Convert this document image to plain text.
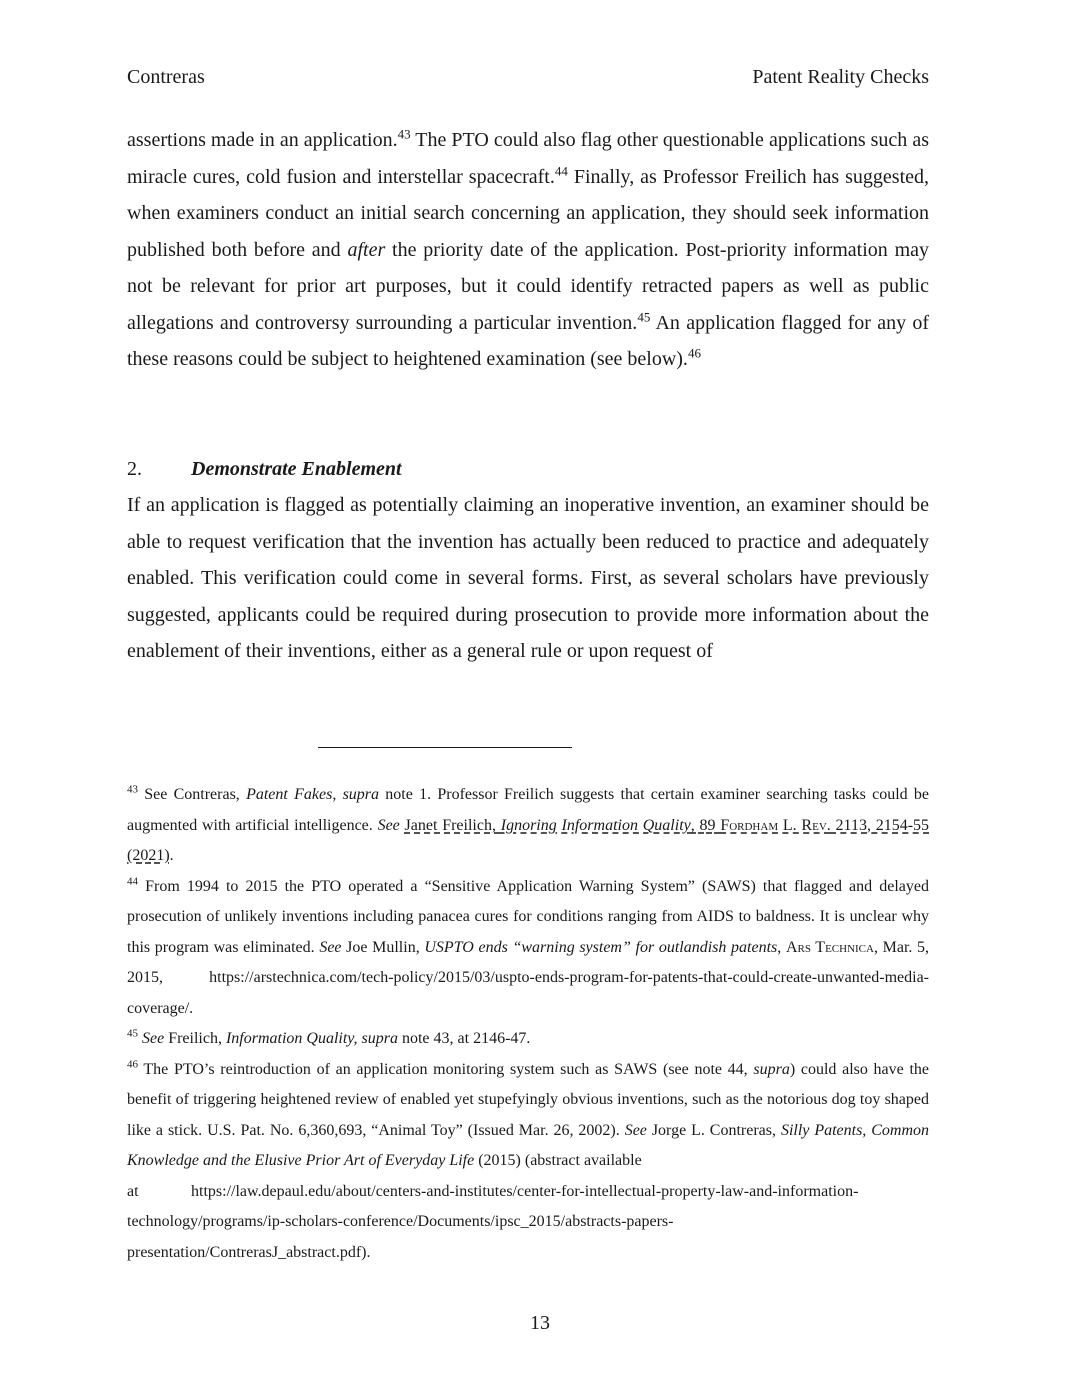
Contreras	Patent Reality Checks

assertions made in an application.$^{43}$ The PTO could also flag other questionable applications such as miracle cures, cold fusion and interstellar spacecraft.$^{44}$ Finally, as Professor Freilich has suggested, when examiners conduct an initial search concerning an application, they should seek information published both before and after the priority date of the application. Post-priority information may not be relevant for prior art purposes, but it could identify retracted papers as well as public allegations and controversy surrounding a particular invention.$^{45}$ An application flagged for any of these reasons could be subject to heightened examination (see below).$^{46}$

2. Demonstrate Enablement

If an application is flagged as potentially claiming an inoperative invention, an examiner should be able to request verification that the invention has actually been reduced to practice and adequately enabled. This verification could come in several forms. First, as several scholars have previously suggested, applicants could be required during prosecution to provide more information about the enablement of their inventions, either as a general rule or upon request of

$^{43}$ See Contreras, Patent Fakes, supra note 1. Professor Freilich suggests that certain examiner searching tasks could be augmented with artificial intelligence. See Janet Freilich, Ignoring Information Quality, 89 Fordham L. Rev. 2113, 2154-55 (2021).

$^{44}$ From 1994 to 2015 the PTO operated a “Sensitive Application Warning System” (SAWS) that flagged and delayed prosecution of unlikely inventions including panacea cures for conditions ranging from AIDS to baldness. It is unclear why this program was eliminated. See Joe Mullin, USPTO ends “warning system” for outlandish patents, Ars Technica, Mar. 5, 2015, https://arstechnica.com/tech-policy/2015/03/uspto-ends-program-for-patents-that-could-create-unwanted-media-coverage/.

$^{45}$ See Freilich, Information Quality, supra note 43, at 2146-47.

$^{46}$ The PTO’s reintroduction of an application monitoring system such as SAWS (see note 44, supra) could also have the benefit of triggering heightened review of enabled yet stupefyingly obvious inventions, such as the notorious dog toy shaped like a stick. U.S. Pat. No. 6,360,693, “Animal Toy” (Issued Mar. 26, 2002). See Jorge L. Contreras, Silly Patents, Common Knowledge and the Elusive Prior Art of Everyday Life (2015) (abstract available
at	https://law.depaul.edu/about/centers-and-institutes/center-for-intellectual-property-law-and-information-
technology/programs/ip-scholars-conference/Documents/ipsc_2015/abstracts-papers-
presentation/ContrerasJ_abstract.pdf).

13
